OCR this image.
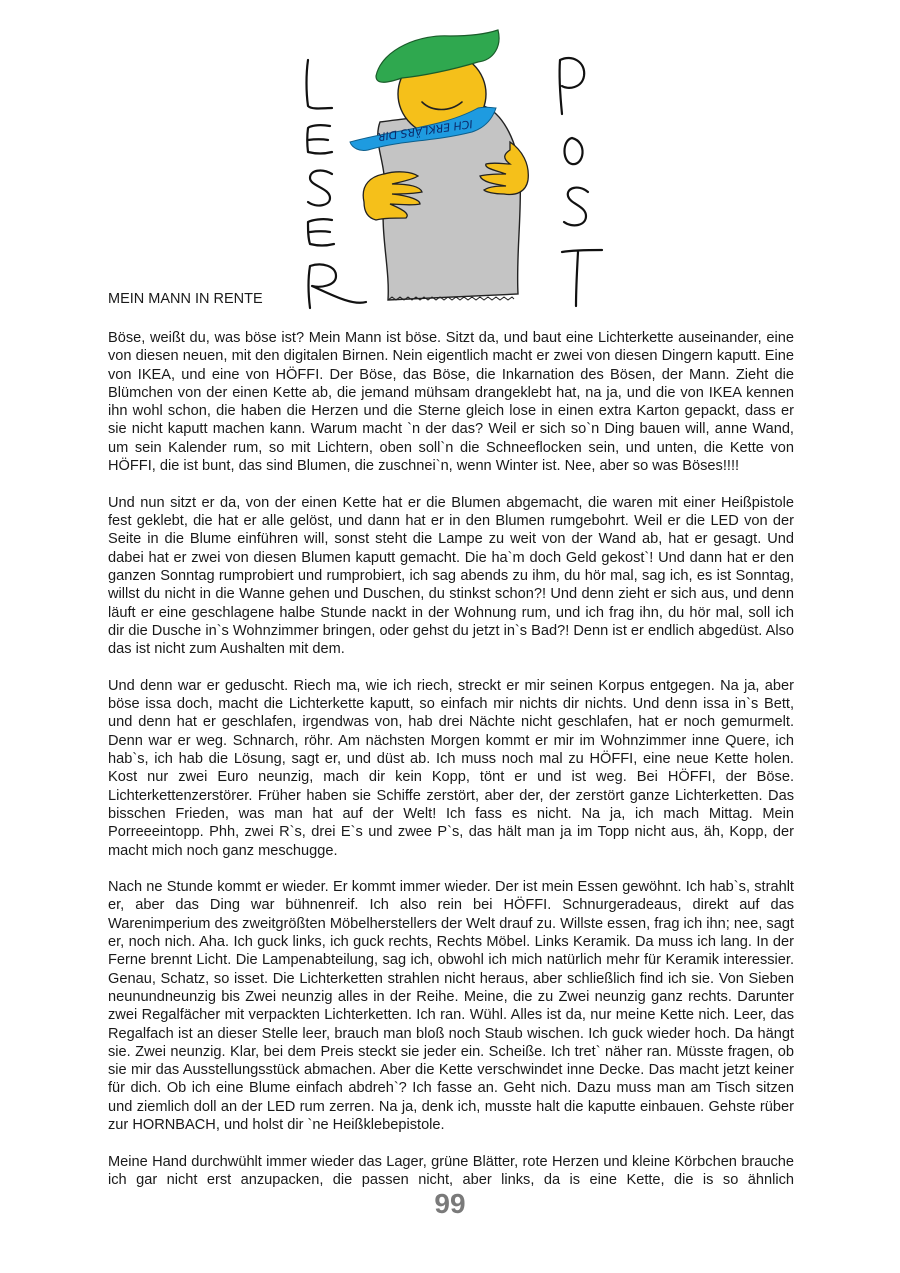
ICH ERKLÄRS DIR
MEIN MANN IN RENTE

Böse, weißt du, was böse ist? Mein Mann ist böse. Sitzt da, und baut eine Lichterkette auseinander, eine von diesen neuen, mit den digitalen Birnen. Nein eigentlich macht er zwei von diesen Dingern kaputt. Eine von IKEA, und eine von HÖFFI. Der Böse, das Böse, die Inkarnation des Bösen, der Mann. Zieht die Blümchen von der einen Kette ab, die jemand mühsam drangeklebt hat, na ja, und die von IKEA kennen ihn wohl schon, die haben die Herzen und die Sterne gleich lose in einen extra Karton gepackt, dass er sie nicht kaputt machen kann. Warum macht `n der das? Weil er sich so`n Ding bauen will, anne Wand, um sein Kalender rum, so mit Lichtern, oben soll`n die Schneeflocken sein, und unten, die Kette von HÖFFI, die ist bunt, das sind Blumen, die zuschnei`n, wenn Winter ist. Nee, aber so was Böses!!!!

Und nun sitzt er da, von der einen Kette hat er die Blumen abgemacht, die waren mit einer Heißpistole fest geklebt, die hat er alle gelöst, und dann hat er in den Blumen rumgebohrt. Weil er die LED von der Seite in die Blume einführen will, sonst steht die Lampe zu weit von der Wand ab, hat er gesagt. Und dabei hat er zwei von diesen Blumen kaputt gemacht. Die ha`m doch Geld gekost`! Und dann hat er den ganzen Sonntag rumprobiert und rumprobiert, ich sag abends zu ihm, du hör mal, sag ich, es ist Sonntag, willst du nicht in die Wanne gehen und Duschen, du stinkst schon?! Und denn zieht er sich aus, und denn läuft er eine geschlagene halbe Stunde nackt in der Wohnung rum, und ich frag ihn, du hör mal, soll ich dir die Dusche in`s Wohnzimmer bringen, oder gehst du jetzt in`s Bad?! Denn ist er endlich abgedüst. Also das ist nicht zum Aushalten mit dem.

Und denn war er geduscht. Riech ma, wie ich riech, streckt er mir seinen Korpus entgegen. Na ja, aber böse issa doch, macht die Lichterkette kaputt, so einfach mir nichts dir nichts. Und denn issa in`s Bett, und denn hat er geschlafen, irgendwas von, hab drei Nächte nicht geschlafen, hat er noch gemurmelt. Denn war er weg. Schnarch, röhr. Am nächsten Morgen kommt er mir im Wohnzimmer inne Quere, ich hab`s, ich hab die Lösung, sagt er, und düst ab. Ich muss noch mal zu HÖFFI, eine neue Kette holen. Kost nur zwei Euro neunzig, mach dir kein Kopp, tönt er und ist weg. Bei HÖFFI, der Böse. Lichterkettenzerstörer. Früher haben sie Schiffe zerstört, aber der, der zerstört ganze Lichterketten. Das bisschen Frieden, was man hat auf der Welt! Ich fass es nicht. Na ja, ich mach Mittag. Mein Porreeeintopp. Phh, zwei R`s, drei E`s und zwee P`s, das hält man ja im Topp nicht aus, äh, Kopp, der macht mich noch ganz meschugge.

Nach ne Stunde kommt er wieder. Er kommt immer wieder. Der ist mein Essen gewöhnt. Ich hab`s, strahlt er, aber das Ding war bühnenreif. Ich also rein bei HÖFFI. Schnurgeradeaus, direkt auf das Warenimperium des zweitgrößten Möbelherstellers der Welt drauf zu. Willste essen, frag ich ihn; nee, sagt er, noch nich. Aha. Ich guck links, ich guck rechts, Rechts Möbel. Links Keramik. Da muss ich lang. In der Ferne brennt Licht. Die Lampenabteilung, sag ich, obwohl ich mich natürlich mehr für Keramik interessier. Genau, Schatz, so isset. Die Lichterketten strahlen nicht heraus, aber schließlich find ich sie. Von Sieben neunundneunzig bis Zwei neunzig alles in der Reihe. Meine, die zu Zwei neunzig ganz rechts. Darunter zwei Regalfächer mit verpackten Lichterketten. Ich ran. Wühl. Alles ist da, nur meine Kette nich. Leer, das Regalfach ist an dieser Stelle leer, brauch man bloß noch Staub wischen. Ich guck wieder hoch. Da hängt sie. Zwei neunzig. Klar, bei dem Preis steckt sie jeder ein. Scheiße. Ich tret` näher ran. Müsste fragen, ob sie mir das Ausstellungsstück abmachen. Aber die Kette verschwindet inne Decke. Das macht jetzt keiner für dich. Ob ich eine Blume einfach abdreh`? Ich fasse an. Geht nich. Dazu muss man am Tisch sitzen und ziemlich doll an der LED rum zerren. Na ja, denk ich, musste halt die kaputte einbauen. Gehste rüber zur HORNBACH, und holst dir `ne Heißklebepistole.

Meine Hand durchwühlt immer wieder das Lager, grüne Blätter, rote Herzen und kleine Körbchen brauche ich gar nicht erst anzupacken, die passen nicht, aber links, da is eine Kette, die is so ähnlich

99
